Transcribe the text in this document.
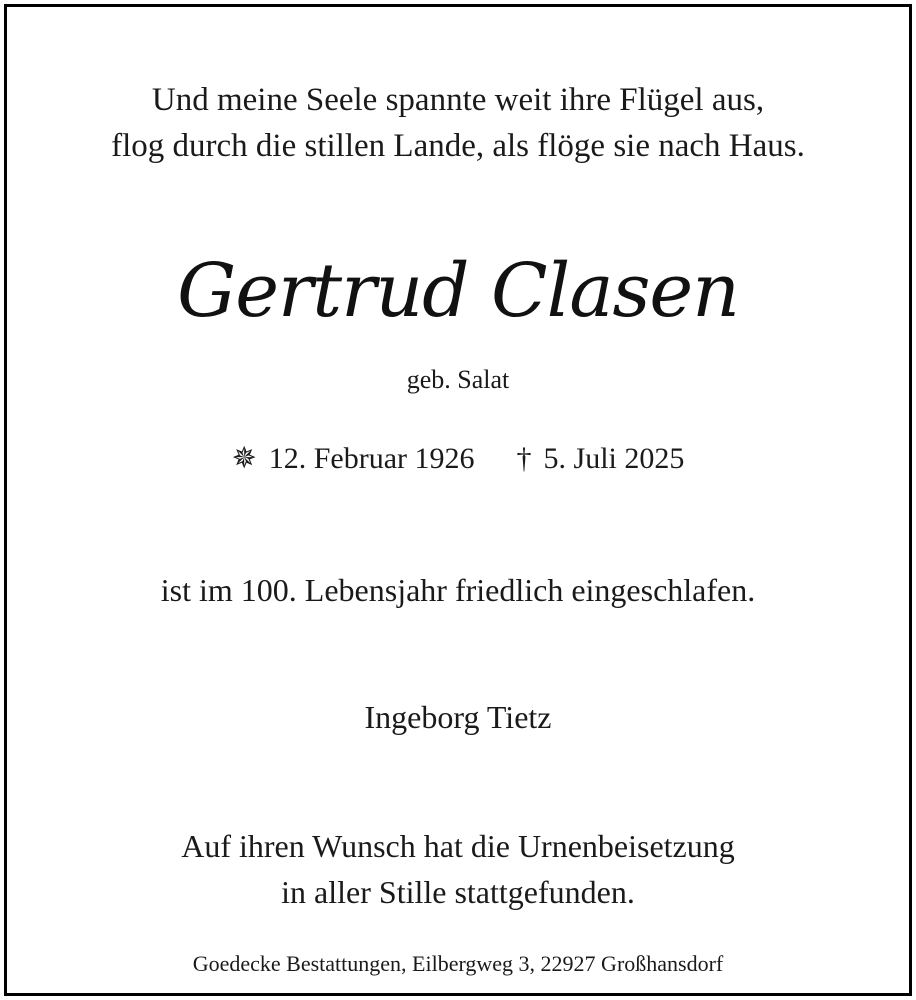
Und meine Seele spannte weit ihre Flügel aus,
flog durch die stillen Lande, als flöge sie nach Haus.
Gertrud Clasen
geb. Salat
✵ 12. Februar 1926 † 5. Juli 2025
ist im 100. Lebensjahr friedlich eingeschlafen.
Ingeborg Tietz
Auf ihren Wunsch hat die Urnenbeisetzung
in aller Stille stattgefunden.
Goedecke Bestattungen, Eilbergweg 3, 22927 Großhansdorf
